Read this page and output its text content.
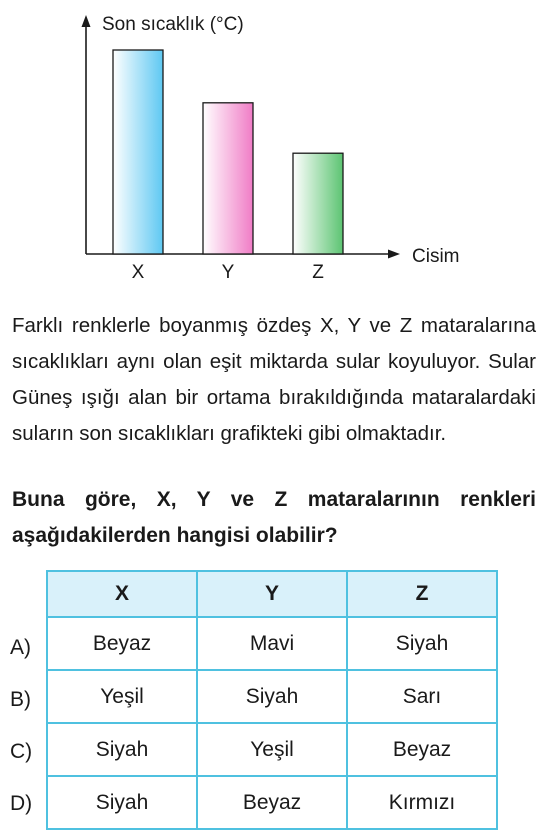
Son sıcaklık (°C)
Cisim
X	Y	Z

Farklı renklerle boyanmış özdeş X, Y ve Z mataralarına sıcaklıkları aynı olan eşit miktarda sular koyuluyor. Sular Güneş ışığı alan bir ortama bırakıldığında mataralardaki suların son sıcaklıkları grafikteki gibi olmaktadır.

Buna göre, X, Y ve Z mataralarının renkleri aşağıdakilerden hangisi olabilir?

A)
B)
C)
D)
X	Y	Z
Beyaz	Mavi	Siyah
Yeşil	Siyah	Sarı
Siyah	Yeşil	Beyaz
Siyah	Beyaz	Kırmızı
